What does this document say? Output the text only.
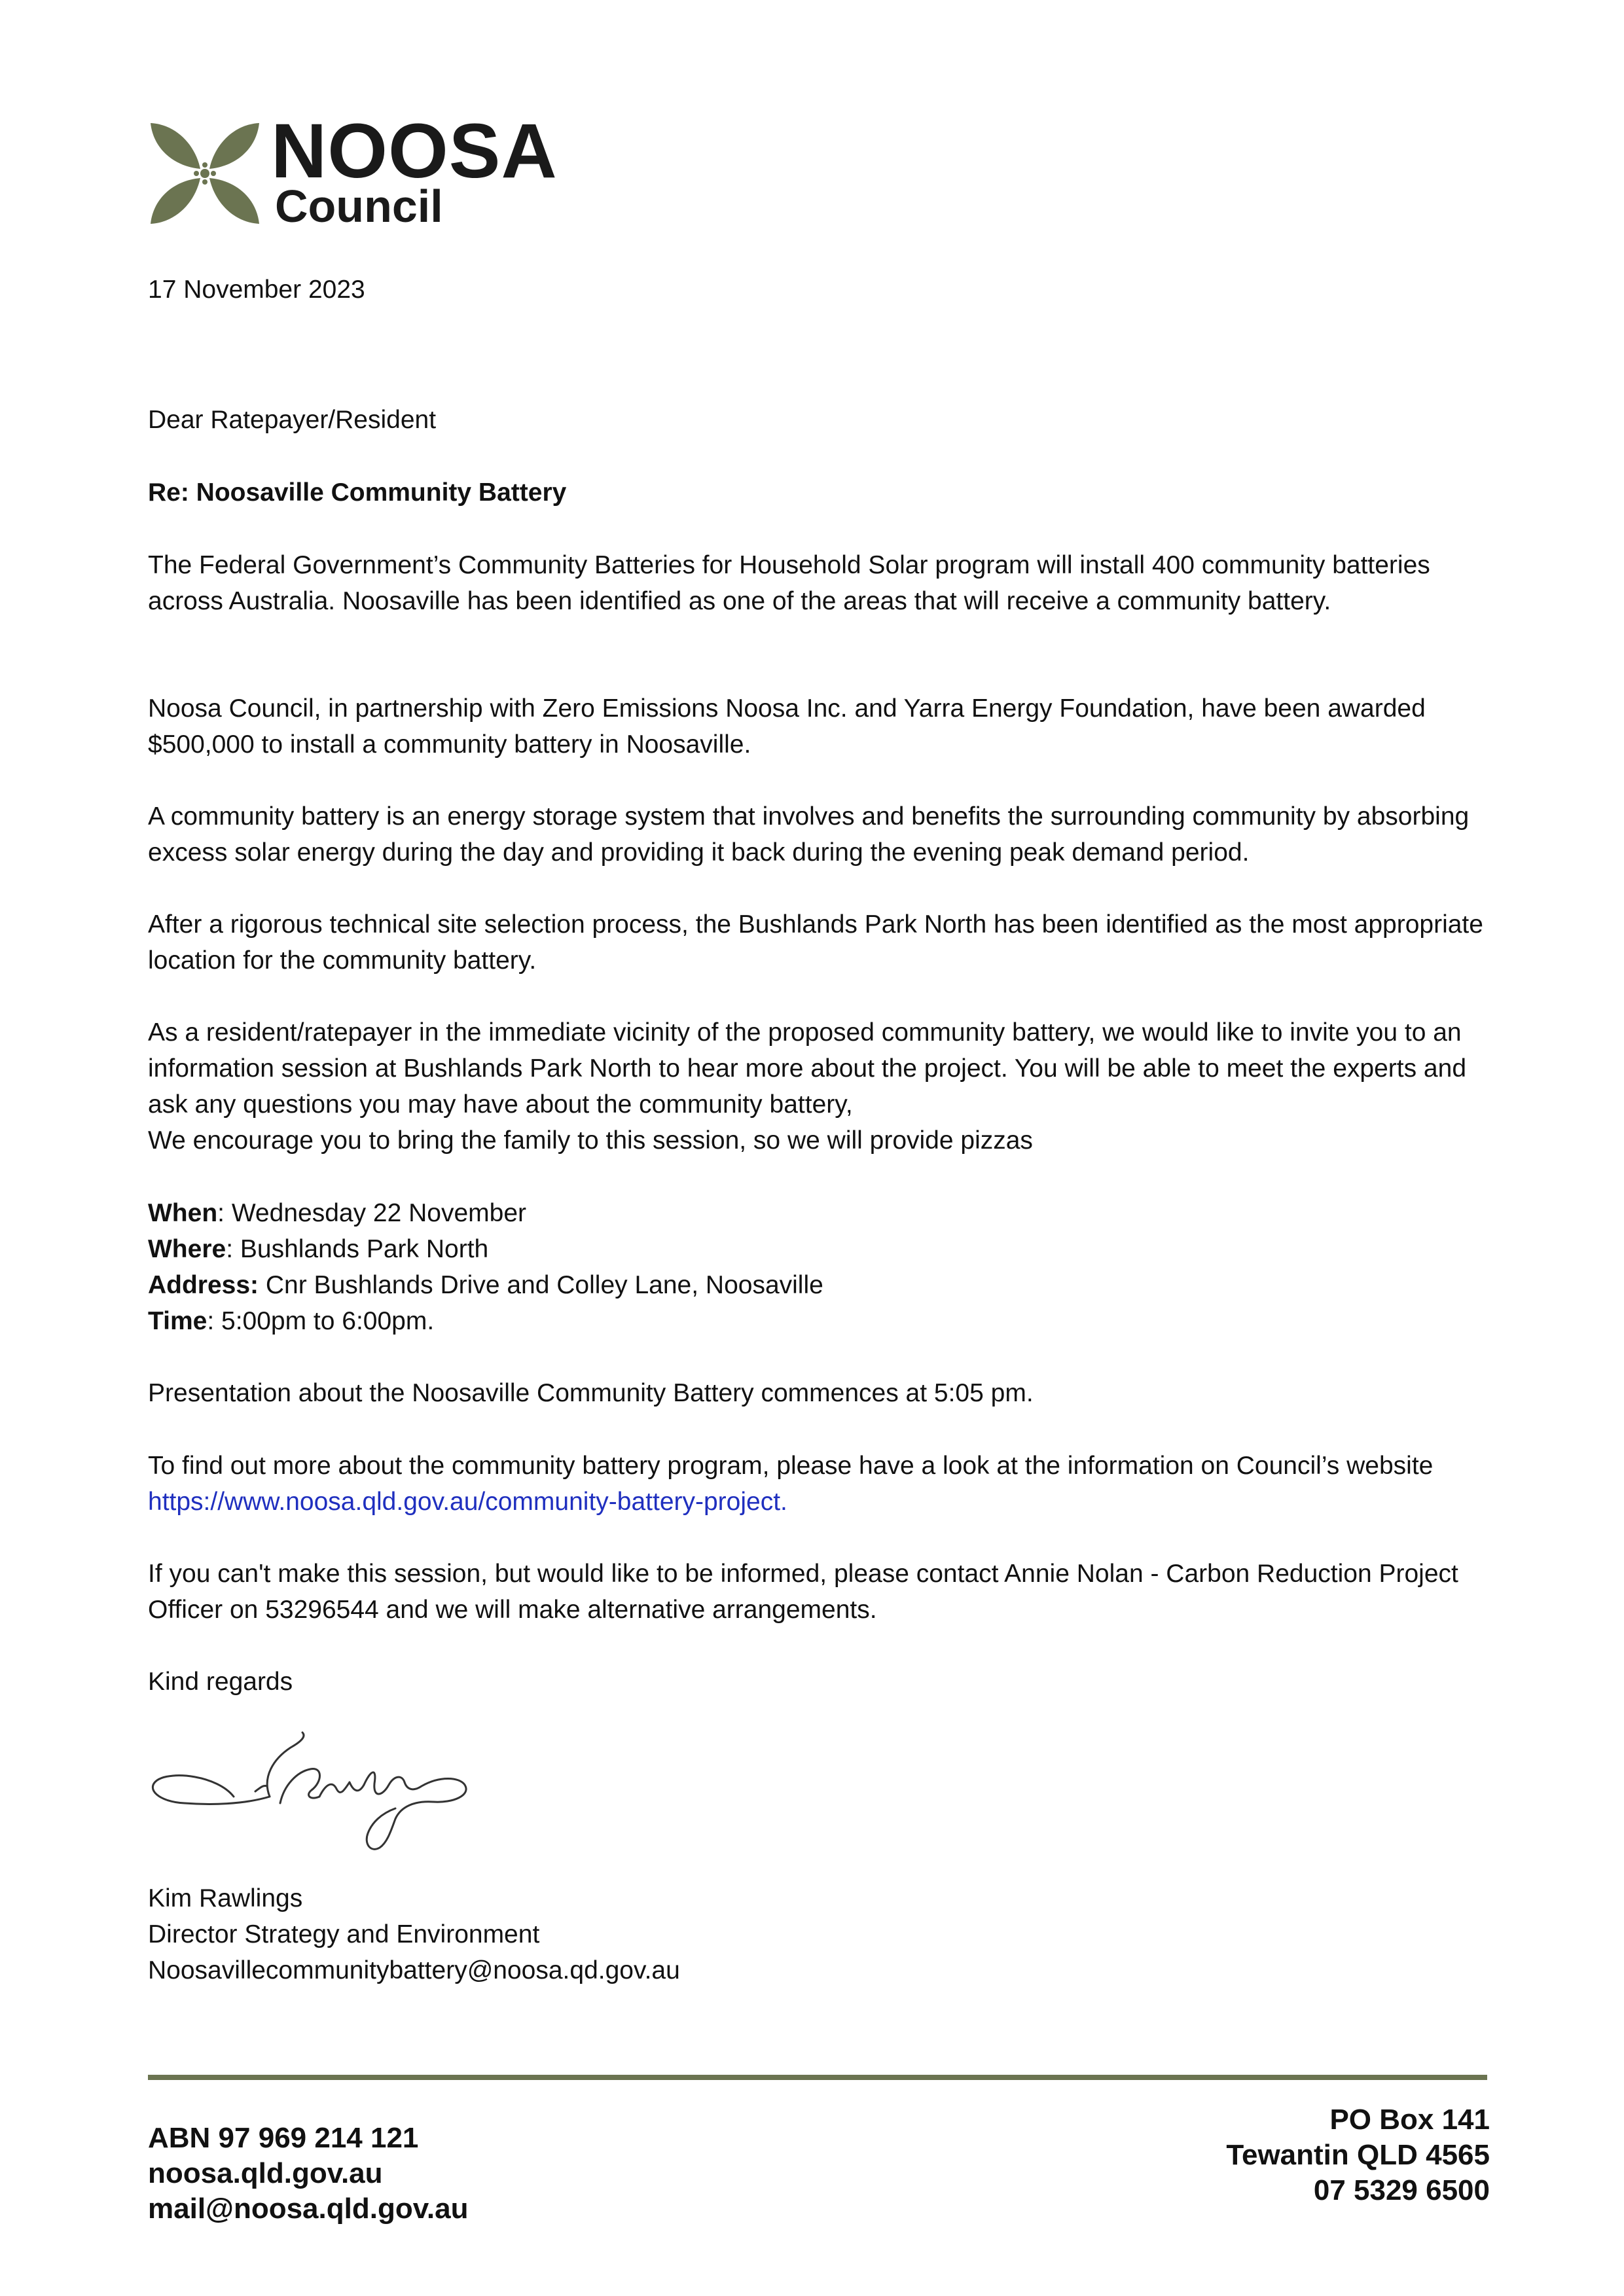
NOOSA
Council
17 November 2023
Dear Ratepayer/Resident
Re: Noosaville Community Battery
The Federal Government’s Community Batteries for Household Solar program will install 400 community batteries across Australia. Noosaville has been identified as one of the areas that will receive a community battery.
Noosa Council, in partnership with Zero Emissions Noosa Inc. and Yarra Energy Foundation, have been awarded $500,000 to install a community battery in Noosaville.
A community battery is an energy storage system that involves and benefits the surrounding community by absorbing excess solar energy during the day and providing it back during the evening peak demand period.
After a rigorous technical site selection process, the Bushlands Park North has been identified as the most appropriate location for the community battery.
As a resident/ratepayer in the immediate vicinity of the proposed community battery, we would like to invite you to an information session at Bushlands Park North to hear more about the project. You will be able to meet the experts and ask any questions you may have about the community battery,
We encourage you to bring the family to this session, so we will provide pizzas

When: Wednesday 22 November

Where: Bushlands Park North

Address: Cnr Bushlands Drive and Colley Lane, Noosaville

Time: 5:00pm to 6:00pm.

Presentation about the Noosaville Community Battery commences at 5:05 pm.
To find out more about the community battery program, please have a look at the information on Council’s website https://www.noosa.qld.gov.au/community-battery-project.
If you can't make this session, but would like to be informed, please contact Annie Nolan - Carbon Reduction Project Officer on 53296544 and we will make alternative arrangements.
Kind regards

Kim Rawlings

Director Strategy and Environment

Noosavillecommunitybattery@noosa.qd.gov.au

ABN 97 969 214 121
noosa.qld.gov.au
mail@noosa.qld.gov.au
PO Box 141
Tewantin QLD 4565
07 5329 6500
